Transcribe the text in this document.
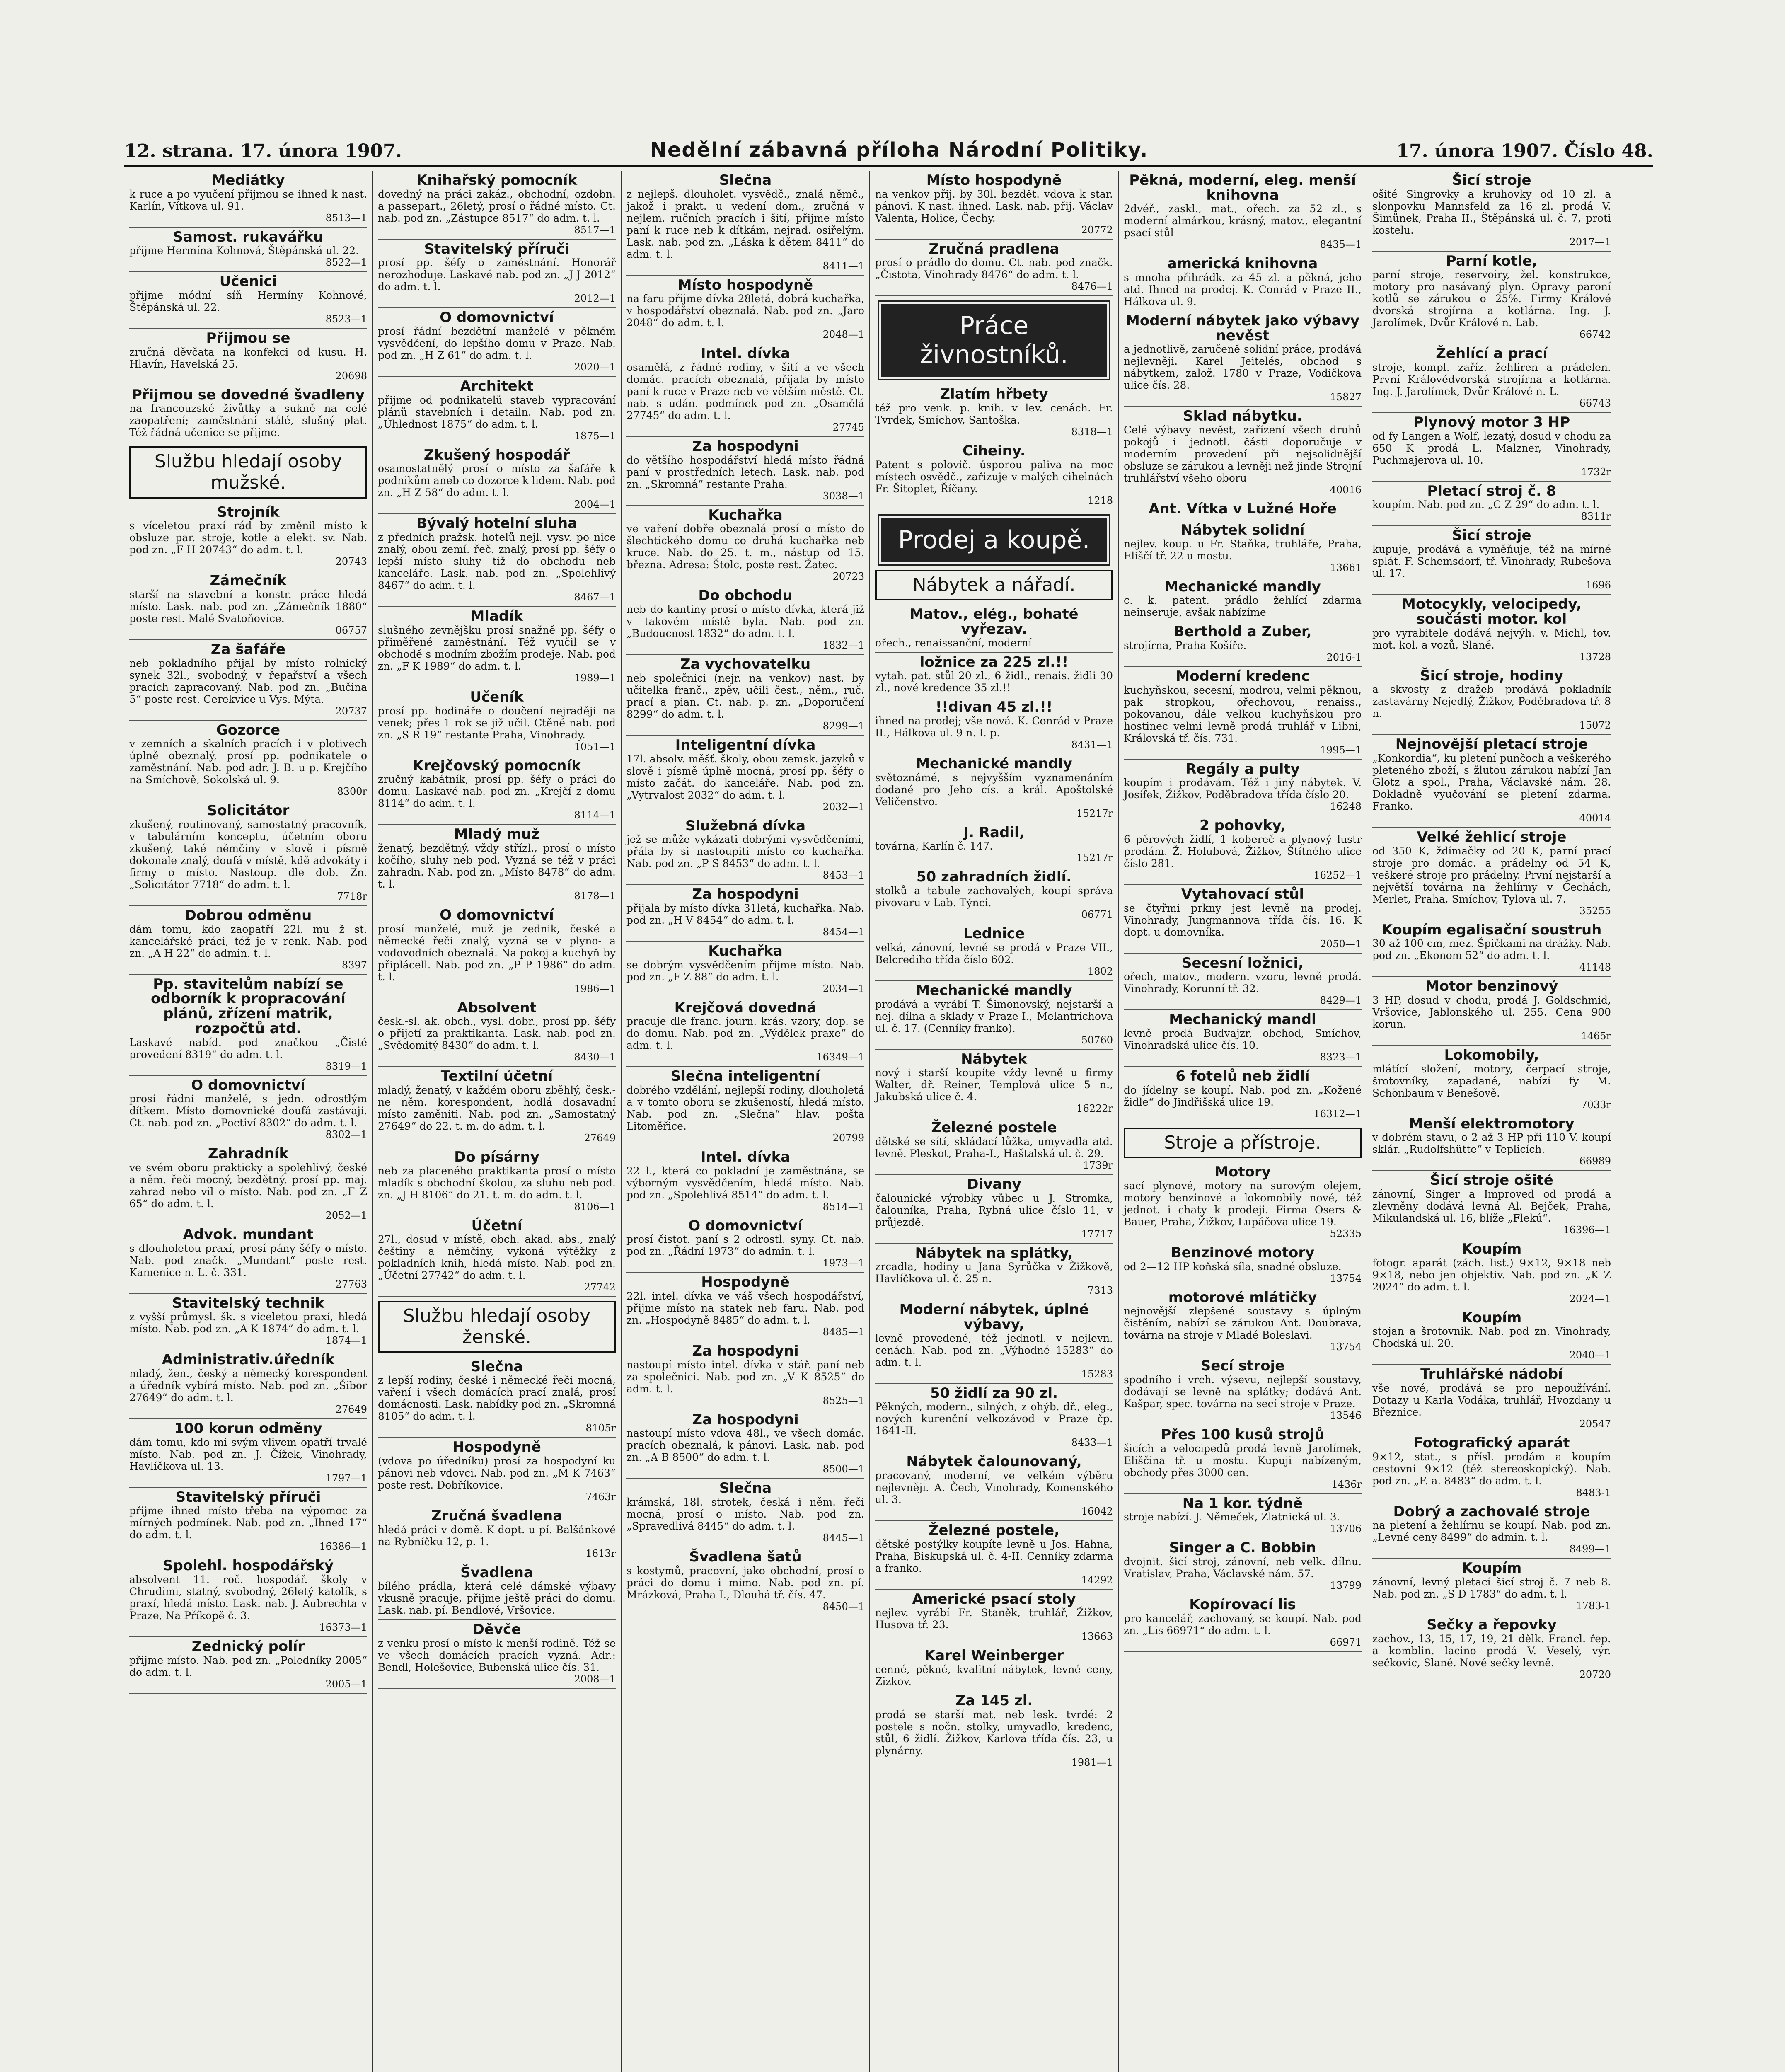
12. strana. 17. února 1907.	Nedělní zábavná příloha Národní Politiky.	17. února 1907. Číslo 48.
Mediátky
k ruce a po vyučení přijmou se ihned k nast. Karlín, Vítkova ul. 91.
8513—1
Samost. rukavářku
přijme Hermína Kohnová, Štěpánská ul. 22.
8522—1
Učenici
přijme módní síň Hermíny Kohnové, Štěpánská ul. 22.
8523—1
Přijmou se
zručná děvčata na konfekci od kusu. H. Hlavín, Havelská 25.
20698
Přijmou se dovedné švadleny
na francouzské živůtky a sukně na celé zaopatření; zaměstnání stálé, slušný plat. Též řádná učenice se přijme.
Službu hledají osoby mužské.
Strojník
s víceletou praxí rád by změnil místo k obsluze par. stroje, kotle a elekt. sv. Nab. pod zn. „F H 20743“ do adm. t. l.
20743
Zámečník
starší na stavební a konstr. práce hledá místo. Lask. nab. pod zn. „Zámečník 1880“ poste rest. Malé Svatoňovice.
06757
Za šafáře
neb pokladního přijal by místo rolnický synek 32l., svobodný, v řepařství a všech pracích zapracovaný. Nab. pod zn. „Bučina 5“ poste rest. Cerekvice u Vys. Mýta.
20737
Gozorce
v zemních a skalních pracích i v plotivech úplně obeznalý, prosí pp. podnikatele o zaměstnání. Nab. pod adr. J. B. u p. Krejčího na Smíchově, Sokolská ul. 9.
8300r
Solicitátor
zkušený, routinovaný, samostatný pracovník, v tabulárním konceptu, účetním oboru zkušený, také němčiny v slově i písmě dokonale znalý, doufá v místě, kdě advokáty i firmy o místo. Nastoup. dle dob. Zn. „Solicitátor 7718“ do adm. t. l.
7718r
Dobrou odměnu
dám tomu, kdo zaopatří 22l. mu ž st. kancelářské práci, též je v renk. Nab. pod zn. „A H 22“ do admin. t. l.
8397
Pp. stavitelům nabízí se odborník k propracování plánů, zřízení matrik, rozpočtů atd.
Laskavé nabíd. pod značkou „Čisté provedení 8319“ do adm. t. l.
8319—1
O domovnictví
prosí řádní manželé, s jedn. odrostlým dítkem. Místo domovnické doufá zastávají. Ct. nab. pod zn. „Poctiví 8302“ do adm. t. l.
8302—1
Zahradník
ve svém oboru prakticky a spolehlivý, české a něm. řeči mocný, bezdětný, prosí pp. maj. zahrad nebo vil o místo. Nab. pod zn. „F Z 65“ do adm. t. l.
2052—1
Advok. mundant
s dlouholetou praxí, prosí pány šéfy o místo. Nab. pod značk. „Mundant“ poste rest. Kamenice n. L. č. 331.
27763
Stavitelský technik
z vyšší průmysl. šk. s víceletou praxí, hledá místo. Nab. pod zn. „A K 1874“ do adm. t. l.
1874—1
Administrativ.úředník
mladý, žen., český a německý korespondent a úředník vybírá místo. Nab. pod zn. „Šibor 27649“ do adm. t. l.
27649
100 korun odměny
dám tomu, kdo mi svým vlivem opatří trvalé místo. Nab. pod zn. J. Čížek, Vinohrady, Havlíčkova ul. 13.
1797—1
Stavitelský příruči
přijme ihned místo třeba na výpomoc za mírných podmínek. Nab. pod zn. „Ihned 17“ do adm. t. l.
16386—1
Spolehl. hospodářský
absolvent 11. roč. hospodář. školy v Chrudimi, statný, svobodný, 26letý katolík, s praxí, hledá místo. Lask. nab. J. Aubrechta v Praze, Na Příkopě č. 3.
16373—1
Zednický polír
přijme místo. Nab. pod zn. „Poledníky 2005“ do adm. t. l.
2005—1
Knihařský pomocník
dovedný na práci zakáz., obchodní, ozdobn. a passepart., 26letý, prosí o řádné místo. Ct. nab. pod zn. „Zástupce 8517“ do adm. t. l.
8517—1
Stavitelský příruči
prosí pp. šéfy o zaměstnání. Honorář nerozhoduje. Laskavé nab. pod zn. „J J 2012“ do adm. t. l.
2012—1
O domovnictví
prosí řádní bezdětní manželé v pěkném vysvědčení, do lepšího domu v Praze. Nab. pod zn. „H Z 61“ do adm. t. l.
2020—1
Architekt
přijme od podnikatelů staveb vypracování plánů stavebních i detailn. Nab. pod zn. „Úhlednost 1875“ do adm. t. l.
1875—1
Zkušený hospodář
osamostatnělý prosí o místo za šafáře k podnikům aneb co dozorce k lidem. Nab. pod zn. „H Z 58“ do adm. t. l.
2004—1
Bývalý hotelní sluha
z předních pražsk. hotelů nejl. vysv. po nice znalý, obou zemí. řeč. znalý, prosí pp. šéfy o lepší místo sluhy tiž do obchodu neb kanceláře. Lask. nab. pod zn. „Spolehlivý 8467“ do adm. t. l.
8467—1
Mladík
slušného zevnějšku prosí snažně pp. šéfy o přiměřené zaměstnání. Též vyučil se v obchodě s modním zbožím prodeje. Nab. pod zn. „F K 1989“ do adm. t. l.
1989—1
Učeník
prosí pp. hodináře o doučení nejraději na venek; přes 1 rok se již učil. Ctěné nab. pod zn. „S R 19“ restante Praha, Vinohrady.
1051—1
Krejčovský pomocník
zručný kabátník, prosí pp. šéfy o práci do domu. Laskavé nab. pod zn. „Krejčí z domu 8114“ do adm. t. l.
8114—1
Mladý muž
ženatý, bezdětný, vždy střízl., prosí o místo kočího, sluhy neb pod. Vyzná se též v práci zahradn. Nab. pod zn. „Místo 8478“ do adm. t. l.
8178—1
O domovnictví
prosí manželé, muž je zednik, české a německé řeči znalý, vyzná se v plyno- a vodovodních obeznalá. Na pokoj a kuchyň by připlácell. Nab. pod zn. „P P 1986“ do adm. t. l.
1986—1
Absolvent
česk.-sl. ak. obch., vysl. dobr., prosí pp. šéfy o přijetí za praktikanta. Lask. nab. pod zn. „Svědomitý 8430“ do adm. t. l.
8430—1
Textilní účetní
mladý, ženatý, v každém oboru zběhlý, česk.- ne něm. korespondent, hodlá dosavadní místo zaměniti. Nab. pod zn. „Samostatný 27649“ do 22. t. m. do adm. t. l.
27649
Do písárny
neb za placeného praktikanta prosí o místo mladík s obchodní školou, za sluhu neb pod. zn. „J H 8106“ do 21. t. m. do adm. t. l.
8106—1
Účetní
27l., dosud v místě, obch. akad. abs., znalý češtiny a němčiny, vykoná výtěžky z pokladních knih, hledá místo. Nab. pod zn. „Účetní 27742“ do adm. t. l.
27742
Službu hledají osoby ženské.
Slečna
z lepší rodiny, české i německé řeči mocná, vaření i všech domácích prací znalá, prosí domácnosti. Lask. nabídky pod zn. „Skromná 8105“ do adm. t. l.
8105r
Hospodyně
(vdova po úředníku) prosí za hospodyní ku pánovi neb vdovci. Nab. pod zn. „M K 7463“ poste rest. Dobříkovice.
7463r
Zručná švadlena
hledá práci v domě. K dopt. u pí. Balšánkové na Rybníčku 12, p. 1.
1613r
Švadlena
bílého prádla, která celé dámské výbavy vkusně pracuje, přijme ještě práci do domu. Lask. nab. pí. Bendlové, Vršovice.
Děvče
z venku prosí o místo k menší rodině. Též se ve všech domácích pracích vyzná. Adr.: Bendl, Holešovice, Bubenská ulice čís. 31.
2008—1
Slečna
z nejlepš. dlouholet. vysvědč., znalá němč., jakož i prakt. u vedení dom., zručná v nejlem. ručních pracích i šití, přijme místo paní k ruce neb k dítkám, nejrad. osiřelým. Lask. nab. pod zn. „Láska k dětem 8411“ do adm. t. l.
8411—1
Místo hospodyně
na faru přijme dívka 28letá, dobrá kuchařka, v hospodářství obeznalá. Nab. pod zn. „Jaro 2048“ do adm. t. l.
2048—1
Intel. dívka
osamělá, z řádné rodiny, v šití a ve všech domác. pracích obeznalá, přijala by místo paní k ruce v Praze neb ve větším městě. Ct. nab. s udán. podmínek pod zn. „Osamělá 27745“ do adm. t. l.
27745
Za hospodyni
do většího hospodářství hledá místo řádná paní v prostředních letech. Lask. nab. pod zn. „Skromná“ restante Praha.
3038—1
Kuchařka
ve vaření dobře obeznalá prosí o místo do šlechtického domu co druhá kuchařka neb kruce. Nab. do 25. t. m., nástup od 15. března. Adresa: Štolc, poste rest. Žatec.
20723
Do obchodu
neb do kantiny prosí o místo dívka, která již v takovém místě byla. Nab. pod zn. „Budoucnost 1832“ do adm. t. l.
1832—1
Za vychovatelku
neb společnici (nejr. na venkov) nast. by učitelka franč., zpěv, učili čest., něm., ruč. prací a pian. Ct. nab. p. zn. „Doporučení 8299“ do adm. t. l.
8299—1
Inteligentní dívka
17l. absolv. měšť. školy, obou zemsk. jazyků v slově i písmě úplně mocná, prosí pp. šéfy o místo začát. do kanceláře. Nab. pod zn. „Vytrvalost 2032“ do adm. t. l.
2032—1
Služebná dívka
jež se může vykázati dobrými vysvědčeními, přála by si nastoupiti místo co kuchařka. Nab. pod zn. „P S 8453“ do adm. t. l.
8453—1
Za hospodyni
přijala by místo dívka 31letá, kuchařka. Nab. pod zn. „H V 8454“ do adm. t. l.
8454—1
Kuchařka
se dobrým vysvědčením přijme místo. Nab. pod zn. „F Z 88“ do adm. t. l.
2034—1
Krejčová dovedná
pracuje dle franc. journ. krás. vzory, dop. se do domu. Nab. pod zn. „Výdělek praxe“ do adm. t. l.
16349—1
Slečna inteligentní
dobrého vzdělání, nejlepší rodiny, dlouholetá a v tomto oboru se zkušeností, hledá místo. Nab. pod zn. „Slečna“ hlav. pošta Litoměřice.
20799
Intel. dívka
22 l., která co pokladní je zaměstnána, se výborným vysvědčením, hledá místo. Nab. pod zn. „Spolehlivá 8514“ do adm. t. l.
8514—1
O domovnictví
prosí čistot. paní s 2 odrostl. syny. Ct. nab. pod zn. „Řádní 1973“ do admin. t. l.
1973—1
Hospodyně
22l. intel. dívka ve váš všech hospodářství, přijme místo na statek neb faru. Nab. pod zn. „Hospodyně 8485“ do adm. t. l.
8485—1
Za hospodyni
nastoupí místo intel. dívka v stář. paní neb za společnici. Nab. pod zn. „V K 8525“ do adm. t. l.
8525—1
Za hospodyni
nastoupí místo vdova 48l., ve všech domác. pracích obeznalá, k pánovi. Lask. nab. pod zn. „A B 8500“ do adm. t. l.
8500—1
Slečna
krámská, 18l. strotek, česká i něm. řeči mocná, prosí o místo. Nab. pod zn. „Spravedlivá 8445“ do adm. t. l.
8445—1
Švadlena šatů
s kostymů, pracovní, jako obchodní, prosí o práci do domu i mimo. Nab. pod zn. pí. Mrázková, Praha I., Dlouhá tř. čís. 47.
8450—1
Místo hospodyně
na venkov přij. by 30l. bezdět. vdova k star. pánovi. K nast. ihned. Lask. nab. přij. Václav Valenta, Holice, Čechy.
20772
Zručná pradlena
prosí o prádlo do domu. Ct. nab. pod značk. „Čistota, Vinohrady 8476“ do adm. t. l.
8476—1
Práce živnostníků.
Zlatím hřbety
též pro venk. p. knih. v lev. cenách. Fr. Tvrdek, Smíchov, Santoška.
8318—1
Ciheiny.
Patent s polovič. úsporou paliva na moc místech osvědč., zařizuje v malých cihelnách Fr. Šitoplet, Říčany.
1218
Prodej a koupě.
Nábytek a nářadí.
Matov., elég., bohaté vyřezav.
ořech., renaissanční, moderní
ložnice za 225 zl.!!
vytah. pat. stůl 20 zl., 6 židl., renais. židli 30 zl., nové kredence 35 zl.!!
!!divan 45 zl.!!
ihned na prodej; vše nová. K. Conrád v Praze II., Hálkova ul. 9 n. I. p.
8431—1
Mechanické mandly
světoznámé, s nejvyšším vyznamenáním dodané pro Jeho cís. a král. Apoštolské Veličenstvo.
15217r
J. Radil,
továrna, Karlín č. 147.
15217r
50 zahradních židlí.
stolků a tabule zachovalých, koupí správa pivovaru v Lab. Týnci.
06771
Lednice
velká, zánovní, levně se prodá v Praze VII., Belcrediho třída číslo 602.
1802
Mechanické mandly
prodává a vyrábí T. Šimonovský, nejstarší a nej. dílna a sklady v Praze-I., Melantrichova ul. č. 17. (Cenníky franko).
50760
Nábytek
nový i starší koupíte vždy levně u firmy Walter, dř. Reiner, Templová ulice 5 n., Jakubská ulice č. 4.
16222r
Železné postele
dětské se sítí, skládací lůžka, umyvadla atd. levně. Pleskot, Praha-I., Haštalská ul. č. 29.
1739r
Divany
čalounické výrobky vůbec u J. Stromka, čalouníka, Praha, Rybná ulice číslo 11, v průjezdě.
17717
Nábytek na splátky,
zrcadla, hodiny u Jana Syrůčka v Žižkově, Havlíčkova ul. č. 25 n.
7313
Moderní nábytek, úplné výbavy,
levně provedené, též jednotl. v nejlevn. cenách. Nab. pod zn. „Výhodné 15283“ do adm. t. l.
15283
50 židlí za 90 zl.
Pěkných, modern., silných, z ohýb. dř., eleg., nových kurenční velkozávod v Praze čp. 1641-II.
8433—1
Nábytek čalounovaný,
pracovaný, moderní, ve velkém výběru nejlevněji. A. Čech, Vinohrady, Komenského ul. 3.
16042
Železné postele,
dětské postýlky koupíte levně u Jos. Hahna, Praha, Biskupská ul. č. 4-II. Cenníky zdarma a franko.
14292
Americké psací stoly
nejlev. vyrábí Fr. Staněk, truhlář, Žižkov, Husova tř. 23.
13663
Karel Weinberger
cenné, pěkné, kvalitní nábytek, levné ceny, Zizkov.
Za 145 zl.
prodá se starší mat. neb lesk. tvrdé: 2 postele s nočn. stolky, umyvadlo, kredenc, stůl, 6 židlí. Žižkov, Karlova třída čís. 23, u plynárny.
1981—1
Pěkná, moderní, eleg. menší knihovna
2dvéř., zaskl., mat., ořech. za 52 zl., s moderní almárkou, krásný, matov., elegantní psací stůl
8435—1
americká knihovna
s mnoha přihrádk. za 45 zl. a pěkná, jeho atd. Ihned na prodej. K. Conrád v Praze II., Hálkova ul. 9.
Moderní nábytek jako výbavy nevěst
a jednotlivě, zaručeně solidní práce, prodává nejlevněji. Karel Jeitelés, obchod s nábytkem, založ. 1780 v Praze, Vodičkova ulice čís. 28.
15827
Sklad nábytku.
Celé výbavy nevěst, zařízení všech druhů pokojů i jednotl. části doporučuje v moderním provedení při nejsolidnější obsluze se zárukou a levněji než jinde Strojní truhlářství všeho oboru
40016
Ant. Vítka v Lužné Hoře
Nábytek solidní
nejlev. koup. u Fr. Staňka, truhláře, Praha, Eliščí tř. 22 u mostu.
13661
Mechanické mandly
c. k. patent. prádlo žehlící zdarma neinseruje, avšak nabízíme
Berthold a Zuber,
strojírna, Praha-Košíře.
2016-1
Moderní kredenc
kuchyňskou, secesní, modrou, velmi pěknou, pak stropkou, ořechovou, renaiss., pokovanou, dále velkou kuchyňskou pro hostinec velmi levně prodá truhlář v Libni, Královská tř. čís. 731.
1995—1
Regály a pulty
koupím i prodávám. Též i jiný nábytek. V. Josífek, Žižkov, Poděbradova třída číslo 20.
16248
2 pohovky,
6 pěrových židlí, 1 kobereč a plynový lustr prodám. Ž. Holubová, Žižkov, Štítného ulice číslo 281.
16252—1
Vytahovací stůl
se čtyřmi prkny jest levně na prodej. Vinohrady, Jungmannova třída čís. 16. K dopt. u domovníka.
2050—1
Secesní ložnici,
ořech, matov., modern. vzoru, levně prodá. Vinohrady, Korunní tř. 32.
8429—1
Mechanický mandl
levně prodá Budvajzr, obchod, Smíchov, Vinohradská ulice čís. 10.
8323—1
6 fotelů neb židlí
do jídelny se koupí. Nab. pod zn. „Kožené židle“ do Jindřišská ulice 19.
16312—1
Stroje a přístroje.
Motory
sací plynové, motory na surovým olejem, motory benzinové a lokomobily nové, též jednot. i chaty k prodeji. Firma Osers & Bauer, Praha, Žižkov, Lupáčova ulice 19.
52335
Benzinové motory
od 2—12 HP koňská síla, snadné obsluze.
13754
motorové mlátičky
nejnovější zlepšené soustavy s úplným čistěním, nabízí se zárukou Ant. Doubrava, továrna na stroje v Mladé Boleslavi.
13754
Secí stroje
spodního i vrch. výsevu, nejlepší soustavy, dodávají se levně na splátky; dodává Ant. Kašpar, spec. továrna na secí stroje v Praze.
13546
Přes 100 kusů strojů
šicích a velocipedů prodá levně Jarolímek, Eliščina tř. u mostu. Kupuji nabízeným, obchody přes 3000 cen.
1436r
Na 1 kor. týdně
stroje nabízí. J. Němeček, Zlatnická ul. 3.
13706
Singer a C. Bobbin
dvojnit. šicí stroj, zánovní, neb velk. dílnu. Vratislav, Praha, Václavské nám. 57.
13799
Kopírovací lis
pro kancelář, zachovaný, se koupí. Nab. pod zn. „Lis 66971“ do adm. t. l.
66971
Šicí stroje
ošité Singrovky a kruhovky od 10 zl. a slonpovku Mannsfeld za 16 zl. prodá V. Šimůnek, Praha II., Štěpánská ul. č. 7, proti kostelu.
2017—1
Parní kotle,
parní stroje, reservoiry, žel. konstrukce, motory pro nasávaný plyn. Opravy paroní kotlů se zárukou o 25%. Firmy Králové dvorská strojírna a kotlárna. Ing. J. Jarolímek, Dvůr Králové n. Lab.
66742
Žehlící a prací
stroje, kompl. zaříz. žehliren a prádelen. První Královédvorská strojírna a kotlárna. Ing. J. Jarolímek, Dvůr Králové n. L.
66743
Plynový motor 3 HP
od fy Langen a Wolf, lezatý, dosud v chodu za 650 K prodá L. Malzner, Vinohrady, Puchmajerova ul. 10.
1732r
Pletací stroj č. 8
koupím. Nab. pod zn. „C Z 29“ do adm. t. l.
8311r
Šicí stroje
kupuje, prodává a vyměňuje, též na mírné splát. F. Schemsdorf, tř. Vinohrady, Rubešova ul. 17.
1696
Motocykly, velocipedy, součásti motor. kol
pro vyrabitele dodává nejvýh. v. Michl, tov. mot. kol. a vozů, Slané.
13728
Šicí stroje, hodiny
a skvosty z dražeb prodává pokladník zastavárny Nejedlý, Žižkov, Poděbradova tř. 8 n.
15072
Nejnovější pletací stroje
„Konkordia“, ku pletení punčoch a veškerého pleteného zboží, s žlutou zárukou nabízí Jan Glotz a spol., Praha, Václavské nám. 28. Dokladně vyučování se pletení zdarma. Franko.
40014
Velké žehlicí stroje
od 350 K, ždímačky od 20 K, parní prací stroje pro domác. a prádelny od 54 K, veškeré stroje pro prádelny. První nejstarší a největší továrna na žehlírny v Čechách, Merlet, Praha, Smíchov, Tylova ul. 7.
35255
Koupím egalisační soustruh
30 až 100 cm, mez. Špičkami na drážky. Nab. pod zn. „Ekonom 52“ do adm. t. l.
41148
Motor benzinový
3 HP, dosud v chodu, prodá J. Goldschmid, Vršovice, Jablonského ul. 255. Cena 900 korun.
1465r
Lokomobily,
mlátící složení, motory, čerpací stroje, šrotovníky, zapadané, nabízí fy M. Schönbaum v Benešově.
7033r
Menší elektromotory
v dobrém stavu, o 2 až 3 HP při 110 V. koupí sklár. „Rudolfshütte“ v Teplicích.
66989
Šicí stroje ošité
zánovní, Singer a Improved od prodá a zlevněny dodává levná Al. Bejček, Praha, Mikulandská ul. 16, blíže „Flekú“.
16396—1
Koupím
fotogr. aparát (zách. list.) 9×12, 9×18 neb 9×18, nebo jen objektiv. Nab. pod zn. „K Z 2024“ do adm. t. l.
2024—1
Koupím
stojan a šrotovnik. Nab. pod zn. Vinohrady, Chodská ul. 20.
2040—1
Truhlářské nádobí
vše nové, prodává se pro nepoužívání. Dotazy u Karla Vodáka, truhlář, Hvozdany u Březnice.
20547
Fotografický aparát
9×12, stat., s přísl. prodám a koupím cestovní 9×12 (též stereoskopický). Nab. pod zn. „F. a. 8483“ do adm. t. l.
8483-1
Dobrý a zachovalé stroje
na pletení a žehlírnu se koupí. Nab. pod zn. „Levné ceny 8499“ do admin. t. l.
8499—1
Koupím
zánovní, levný pletací šicí stroj č. 7 neb 8. Nab. pod zn. „S D 1783“ do adm. t. l.
1783-1
Sečky a řepovky
zachov., 13, 15, 17, 19, 21 dělk. Francl. řep. a komblin. lacino prodá V. Veselý, výr. sečkovic, Slané. Nové sečky levně.
20720
